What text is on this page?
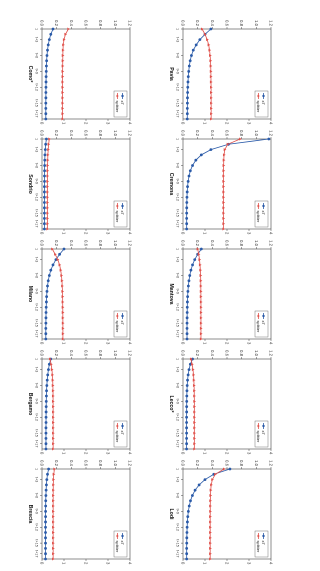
1.2
1.0
0.8
0.6
0.4
0.2
0.0
4
3
2
1
0
1
t+3
t+6
t+9
t+12
t+15
t+17
xT
splitter
Como*
1.2
1.0
0.8
0.6
0.4
0.2
0.0
4
3
2
1
0
1
t+3
t+6
t+9
t+12
t+15
t+17
xT
splitter
Sondrio
1.2
1.0
0.8
0.6
0.4
0.2
0.0
4
3
2
1
0
1
t+3
t+6
t+9
t+12
t+15
t+17
xT
splitter
Milano
1.2
1.0
0.8
0.6
0.4
0.2
0.0
4
3
2
1
0
1
t+3
t+6
t+9
t+12
t+15
t+17
xT
splitter
Bergamo
1.2
1.0
0.8
0.6
0.4
0.2
0.0
4
3
2
1
0
1
t+3
t+6
t+9
t+12
t+15
t+17
xT
splitter
Brescia
1.2
1.0
0.8
0.6
0.4
0.2
0.0
4
3
2
1
0
1
t+3
t+6
t+9
t+12
t+15
t+17
xT
splitter
Pavia
1.2
1.0
0.8
0.6
0.4
0.2
0.0
4
3
2
1
0
1
t+3
t+6
t+9
t+12
t+15
t+17
xT
splitter
Cremona
1.2
1.0
0.8
0.6
0.4
0.2
0.0
4
3
2
1
0
1
t+3
t+6
t+9
t+12
t+15
t+17
xT
splitter
Mantova
1.2
1.0
0.8
0.6
0.4
0.2
0.0
4
3
2
1
0
1
t+3
t+6
t+9
t+12
t+15
t+17
xT
splitter
Lecco*
1.2
1.0
0.8
0.6
0.4
0.2
0.0
4
3
2
1
0
1
t+3
t+6
t+9
t+12
t+15
t+17
xT
splitter
Lodi
